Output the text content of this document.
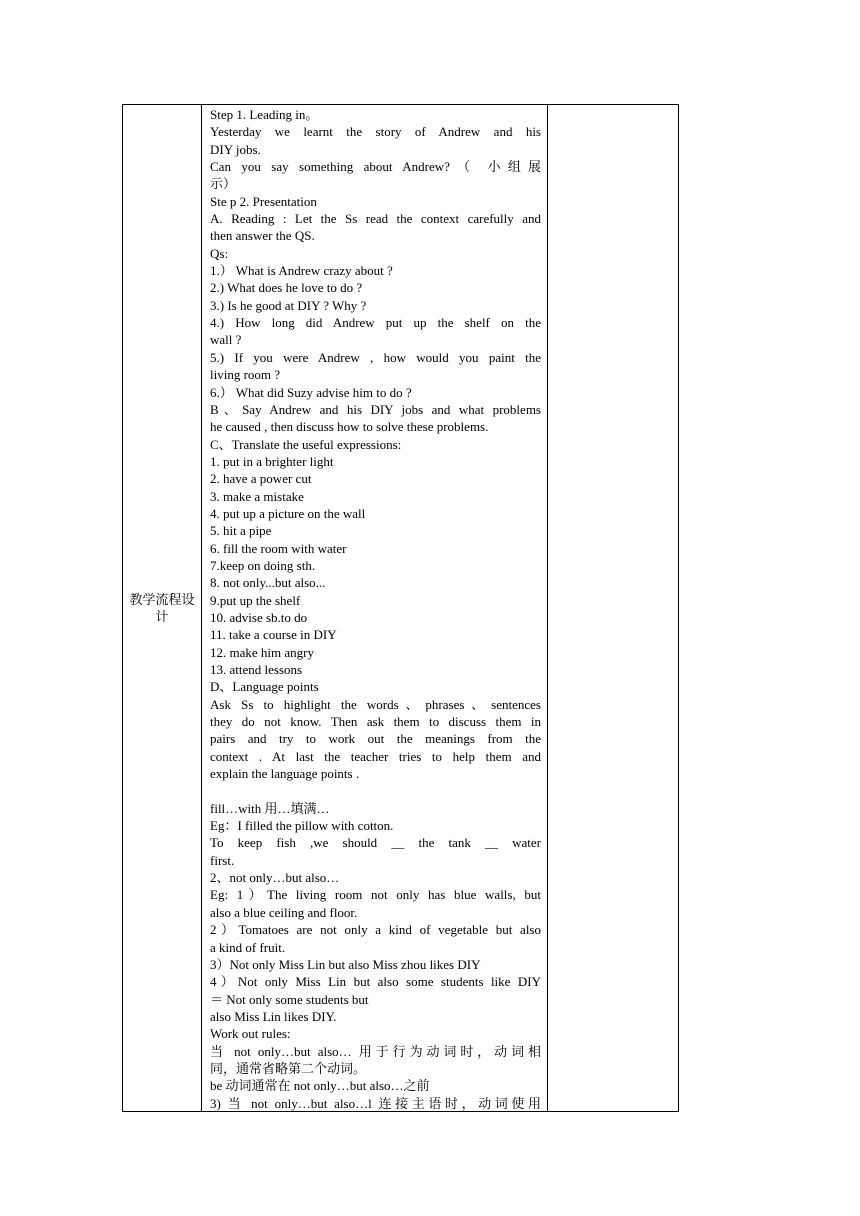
教学流程设计

Step 1. Leading in。
Yesterday we learnt the story of Andrew and his
DIY jobs.
Can you say something about Andrew?（ 小组展
示）
Ste p 2. Presentation
A. Reading : Let the Ss read the context carefully and
then answer the QS.
Qs:
1.） What is Andrew crazy about ?
2.) What does he love to do ?
3.) Is he good at DIY ? Why ?
4.) How long did Andrew put up the shelf on the
wall ?
5.) If you were Andrew , how would you paint the
living room ?
6.） What did Suzy advise him to do ?
B、Say Andrew and his DIY jobs and what problems
he caused , then discuss how to solve these problems.
C、Translate the useful expressions:
1. put in a brighter light
2. have a power cut
3. make a mistake
4. put up a picture on the wall
5. hit a pipe
6. fill the room with water
7.keep on doing sth.
8. not only...but also...
9.put up the shelf
10. advise sb.to do
11. take a course in DIY
12. make him angry
13. attend lessons
D、Language points
Ask Ss to highlight the words、phrases、sentences
they do not know. Then ask them to discuss them in
pairs and try to work out the meanings from the
context . At last the teacher tries to help them and
explain the language points .
fill…with 用…填满…
Eg：I filled the pillow with cotton.
To keep fish ,we should __ the tank __ water
first.
2、not only…but also…
Eg: 1）The living room not only has blue walls, but
also a blue ceiling and floor.
2）Tomatoes are not only a kind of vegetable but also
a kind of fruit.
3）Not only Miss Lin but also Miss zhou likes DIY
4）Not only Miss Lin but also some students like DIY
＝ Not only some students but
also Miss Lin likes DIY.
Work out rules:
当 not only…but also… 用于行为动词时，动词相
同，通常省略第二个动词。
be 动词通常在 not only…but also…之前
3) 当 not only…but also…l 连接主语时，动词使用
